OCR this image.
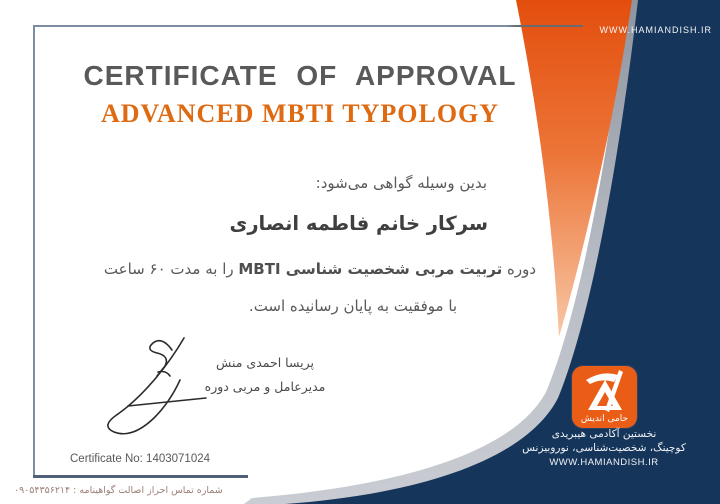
CERTIFICATE OF APPROVAL
ADVANCED MBTI TYPOLOGY
بدین وسیله گواهی می‌شود:
سرکار خانم فاطمه انصاری
دوره تربیت مربی شخصیت شناسی MBTI را به مدت ۶۰ ساعت
با موفقیت به پایان رسانیده است.
پریسا احمدی منش
مدیرعامل و مربی دوره
Certificate No: 1403071024
شماره تماس احراز اصالت گواهینامه : ۰۹۰۵۴۳۵۶۲۱۴
WWW.HAMIANDISH.IR
حامی اندیش
نخستین آکادمی هیبریدی
کوچینگ، شخصیت‌شناسی، نوروبیزنس
WWW.HAMIANDISH.IR
